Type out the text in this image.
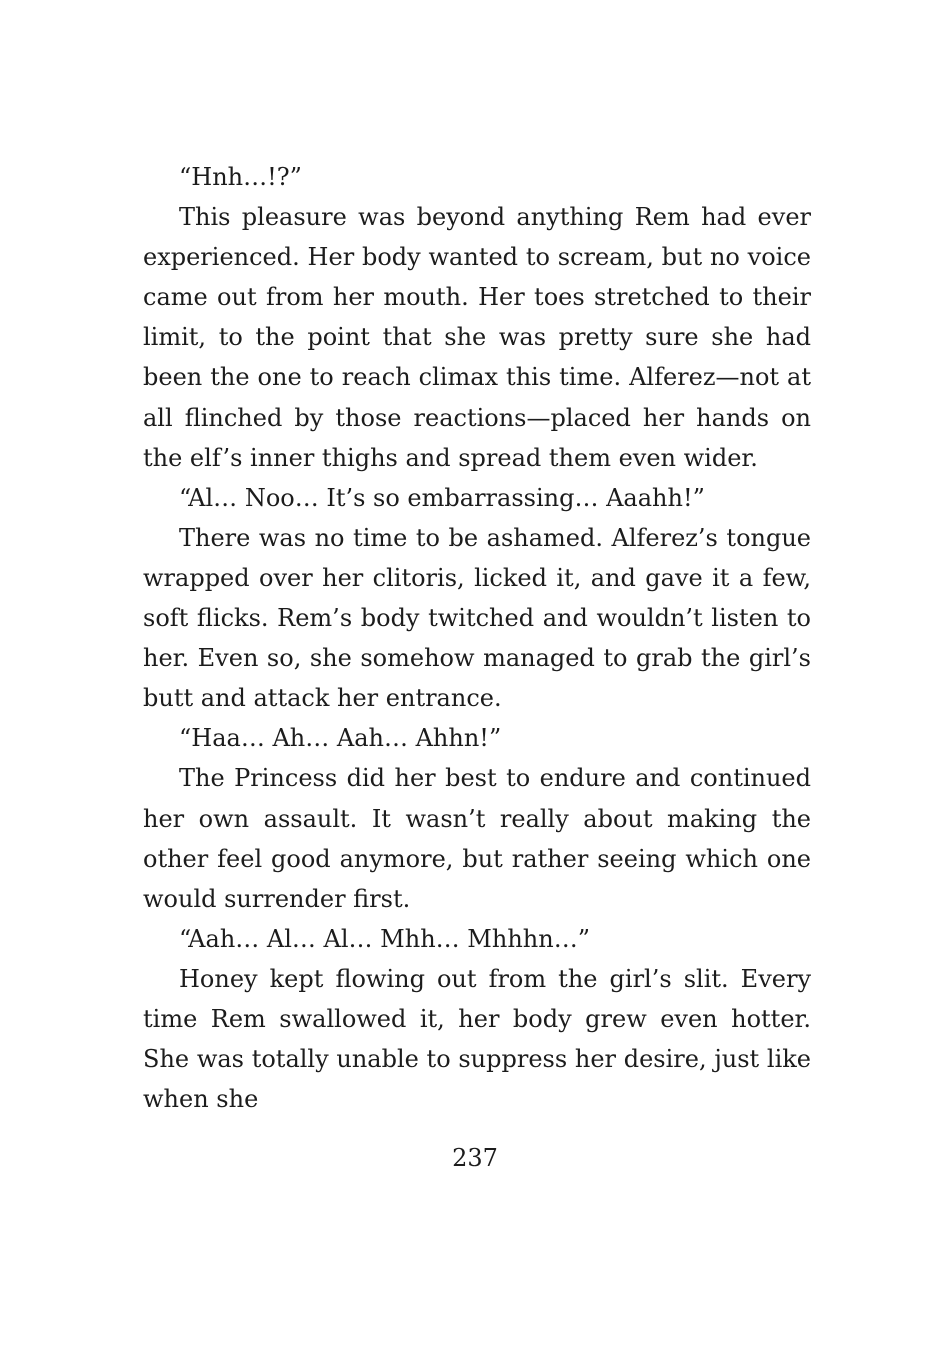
“Hnh…!?”

This pleasure was beyond anything Rem had ever experienced. Her body wanted to scream, but no voice came out from her mouth. Her toes stretched to their limit, to the point that she was pretty sure she had been the one to reach climax this time. Alferez—not at all flinched by those reactions—placed her hands on the elf’s inner thighs and spread them even wider.

“Al… Noo… It’s so embarrassing… Aaahh!”

There was no time to be ashamed. Alferez’s tongue wrapped over her clitoris, licked it, and gave it a few, soft flicks. Rem’s body twitched and wouldn’t listen to her. Even so, she somehow managed to grab the girl’s butt and attack her entrance.

“Haa… Ah… Aah… Ahhn!”

The Princess did her best to endure and continued her own assault. It wasn’t really about making the other feel good anymore, but rather seeing which one would surrender first.

“Aah… Al… Al… Mhh… Mhhhn…”

Honey kept flowing out from the girl’s slit. Every time Rem swallowed it, her body grew even hotter. She was totally unable to suppress her desire, just like when she

237
